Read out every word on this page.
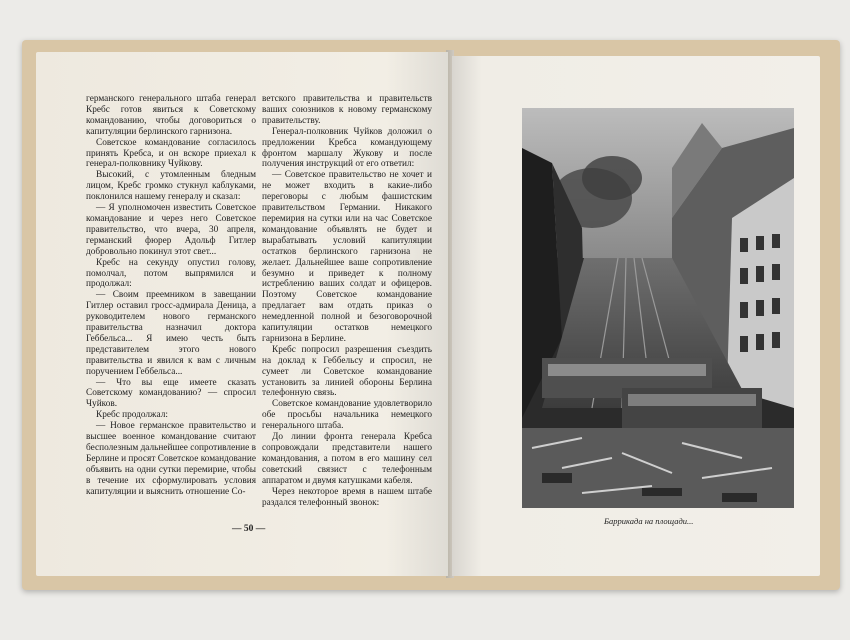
германского генерального штаба генерал Кребс готов явиться к Советскому командованию, чтобы договориться о капитуляции берлинского гарнизона.

Советское командование согласилось принять Кребса, и он вскоре приехал к генерал-полковнику Чуйкову.

Высокий, с утомленным бледным лицом, Кребс громко стукнул каблуками, поклонился нашему генералу и сказал:

— Я уполномочен известить Советское командование и через него Советское правительство, что вчера, 30 апреля, германский фюрер Адольф Гитлер добровольно покинул этот свет...

Кребс на секунду опустил голову, помолчал, потом выпрямился и продолжал:

— Своим преемником в завещании Гитлер оставил гросс-адмирала Деница, а руководителем нового германского правительства назначил доктора Геббельса... Я имею честь быть представителем этого нового правительства и явился к вам с личным поручением Геббельса...

— Что вы еще имеете сказать Советскому командованию? — спросил Чуйков.

Кребс продолжал:

— Новое германское правительство и высшее военное командование считают бесполезным дальнейшее сопротивление в Берлине и просят Советское командование объявить на одни сутки перемирие, чтобы в течение их сформулировать условия капитуляции и выяснить отношение Со-

ветского правительства и правительств ваших союзников к новому германскому правительству.

Генерал-полковник Чуйков доложил о предложении Кребса командующему фронтом маршалу Жукову и после получения инструкций от его ответил:

— Советское правительство не хочет и не может входить в какие-либо переговоры с любым фашистским правительством Германии. Никакого перемирия на сутки или на час Советское командование объявлять не будет и вырабатывать условий капитуляции остатков берлинского гарнизона не желает. Дальнейшее ваше сопротивление безумно и приведет к полному истреблению ваших солдат и офицеров. Поэтому Советское командование предлагает вам отдать приказ о немедленной полной и безоговорочной капитуляции остатков немецкого гарнизона в Берлине.

Кребс попросил разрешения съездить на доклад к Геббельсу и спросил, не сумеет ли Советское командование установить за линией обороны Берлина телефонную связь.

Советское командование удовлетворило обе просьбы начальника немецкого генерального штаба.

До линии фронта генерала Кребса сопровождали представители нашего командования, а потом в его машину сел советский связист с телефонным аппаратом и двумя катушками кабеля.

Через некоторое время в нашем штабе раздался телефонный звонок:

— 50 —
Баррикада на площади...
